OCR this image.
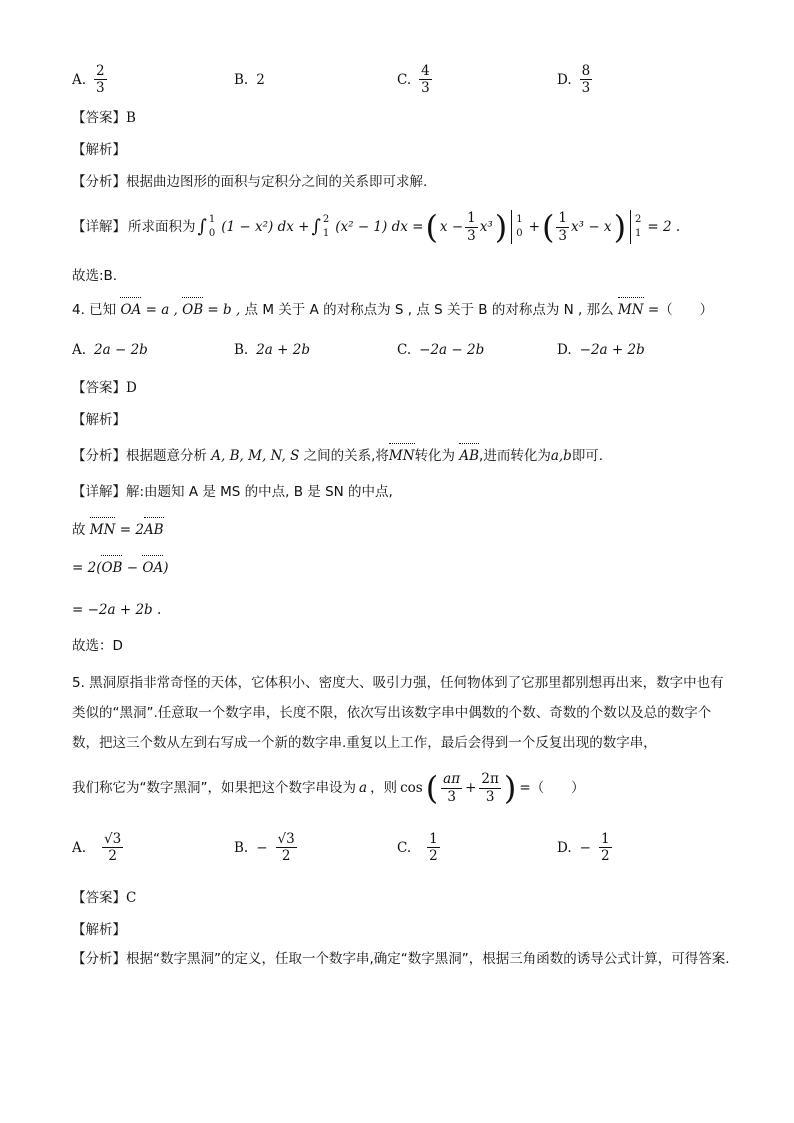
A. $\frac{2}{3}$	B. 2	C. $\frac{4}{3}$	D. $\frac{8}{3}$
【答案】B
【解析】
【分析】根据曲边图形的面积与定积分之间的关系即可求解.
【详解】 所求面积为 ∫ 1
0 (1 − x²) dx + ∫ 2
1 (x² − 1) dx = ( $x - \frac{1}{3} x^3$ ) 1
0 + ( $\frac{1}{3} x^3 - x$ ) 2
1 = 2 .
故选:B.
4. 已知 OA = a , OB = b , 点 M 关于 A 的对称点为 S , 点 S 关于 B 的对称点为 N , 那么 MN =（　　）
A. 2a − 2b	B. 2a + 2b	C. −2a − 2b	D. −2a + 2b
【答案】D
【解析】
【分析】根据题意分析 A, B, M, N, S 之间的关系,将MN转化为 AB,进而转化为a,b即可.
【详解】解:由题知 A 是 MS 的中点, B 是 SN 的中点,
故 MN = 2AB
= 2(OB − OA)
= −2a + 2b .
故选：D
5. 黑洞原指非常奇怪的天体，它体积小、密度大、吸引力强，任何物体到了它那里都别想再出来，数字中也有类似的“黑洞”.任意取一个数字串，长度不限，依次写出该数字串中偶数的个数、奇数的个数以及总的数字个数，把这三个数从左到右写成一个新的数字串.重复以上工作，最后会得到一个反复出现的数字串，
我们称它为“数字黑洞”，如果把这个数字串设为 a ，则 cos ( $\frac{a\pi}{3} + \frac{2\pi}{3}$ ) =（　　）
A. $\frac{√3}{2}$	B. − $\frac{√3}{2}$	C. $\frac{1}{2}$	D. − $\frac{1}{2}$
【答案】C
【解析】
【分析】根据“数字黑洞”的定义，任取一个数字串,确定“数字黑洞”，根据三角函数的诱导公式计算，可得答案.
